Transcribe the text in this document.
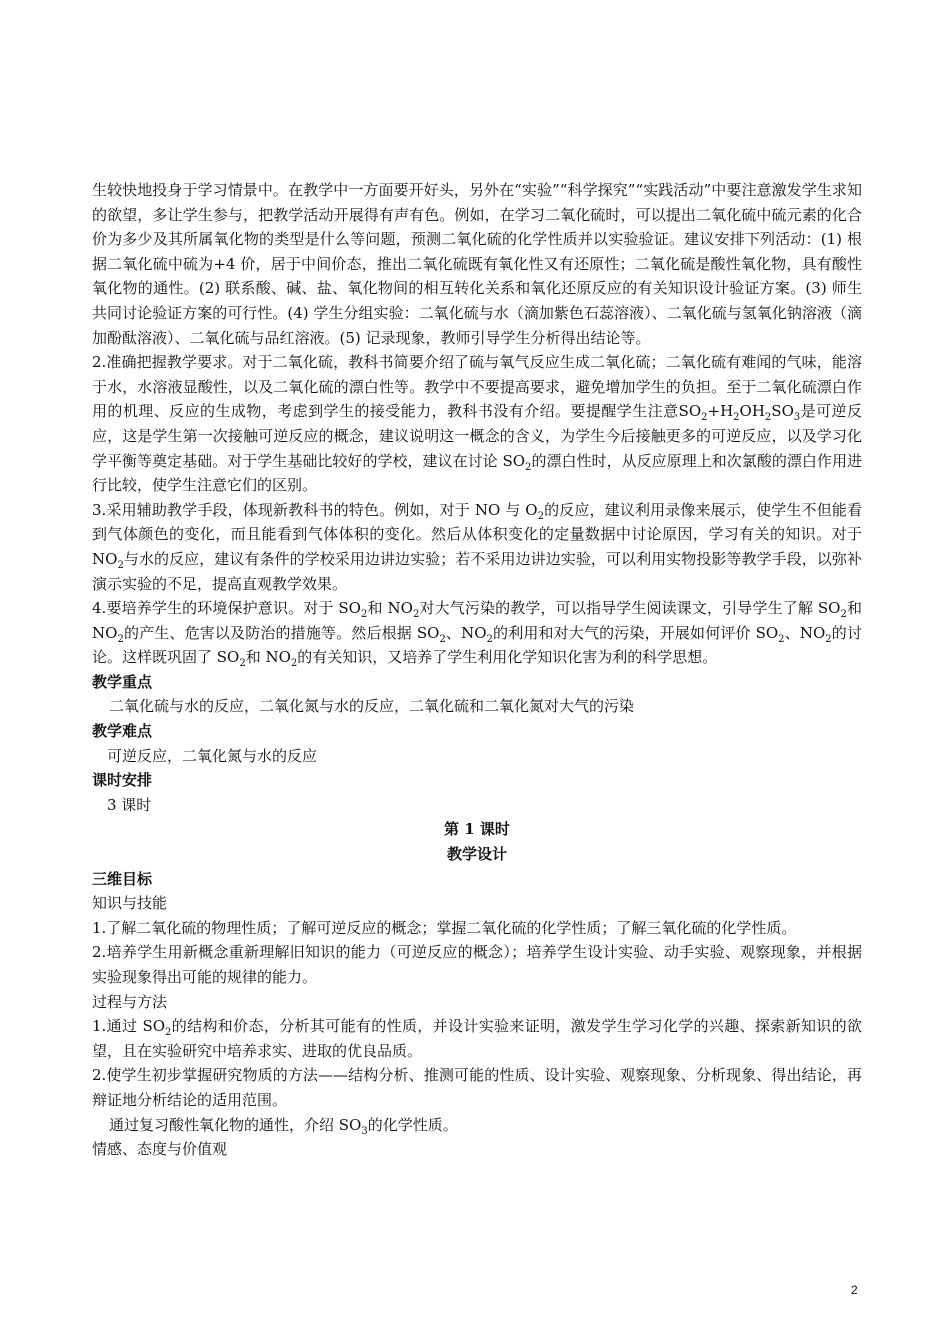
生较快地投身于学习情景中。在教学中一方面要开好头，另外在“实验”“科学探究”“实践活动”中要注意激发学生求知的欲望，多让学生参与，把教学活动开展得有声有色。例如，在学习二氧化硫时，可以提出二氧化硫中硫元素的化合价为多少及其所属氧化物的类型是什么等问题，预测二氧化硫的化学性质并以实验验证。建议安排下列活动：(1) 根据二氧化硫中硫为+4 价，居于中间价态，推出二氧化硫既有氧化性又有还原性；二氧化硫是酸性氧化物，具有酸性氧化物的通性。(2) 联系酸、碱、盐、氧化物间的相互转化关系和氧化还原反应的有关知识设计验证方案。(3) 师生共同讨论验证方案的可行性。(4) 学生分组实验：二氧化硫与水（滴加紫色石蕊溶液）、二氧化硫与氢氧化钠溶液（滴加酚酞溶液）、二氧化硫与品红溶液。(5) 记录现象，教师引导学生分析得出结论等。

2.准确把握教学要求。对于二氧化硫，教科书简要介绍了硫与氧气反应生成二氧化硫；二氧化硫有难闻的气味，能溶于水，水溶液显酸性，以及二氧化硫的漂白性等。教学中不要提高要求，避免增加学生的负担。至于二氧化硫漂白作用的机理、反应的生成物，考虑到学生的接受能力，教科书没有介绍。要提醒学生注意$SO_2+H_2OH_2SO_3$是可逆反应，这是学生第一次接触可逆反应的概念，建议说明这一概念的含义，为学生今后接触更多的可逆反应，以及学习化学平衡等奠定基础。对于学生基础比较好的学校，建议在讨论 $SO_2$的漂白性时，从反应原理上和次氯酸的漂白作用进行比较，使学生注意它们的区别。

3.采用辅助教学手段，体现新教科书的特色。例如，对于 NO 与 $O_2$的反应，建议利用录像来展示，使学生不但能看到气体颜色的变化，而且能看到气体体积的变化。然后从体积变化的定量数据中讨论原因，学习有关的知识。对于 $NO_2$与水的反应，建议有条件的学校采用边讲边实验；若不采用边讲边实验，可以利用实物投影等教学手段，以弥补演示实验的不足，提高直观教学效果。

4.要培养学生的环境保护意识。对于 $SO_2$和 $NO_2$对大气污染的教学，可以指导学生阅读课文，引导学生了解 $SO_2$和 $NO_2$的产生、危害以及防治的措施等。然后根据 $SO_2$、$NO_2$的利用和对大气的污染，开展如何评价 $SO_2$、$NO_2$的讨论。这样既巩固了 $SO_2$和 $NO_2$的有关知识，又培养了学生利用化学知识化害为利的科学思想。

教学重点

二氧化硫与水的反应，二氧化氮与水的反应，二氧化硫和二氧化氮对大气的污染

教学难点

可逆反应，二氧化氮与水的反应

课时安排

3 课时

第 1 课时

教学设计

三维目标

知识与技能

1.了解二氧化硫的物理性质；了解可逆反应的概念；掌握二氧化硫的化学性质；了解三氧化硫的化学性质。

2.培养学生用新概念重新理解旧知识的能力（可逆反应的概念）；培养学生设计实验、动手实验、观察现象，并根据实验现象得出可能的规律的能力。

过程与方法

1.通过 $SO_2$的结构和价态，分析其可能有的性质，并设计实验来证明，激发学生学习化学的兴趣、探索新知识的欲望，且在实验研究中培养求实、进取的优良品质。

2.使学生初步掌握研究物质的方法——结构分析、推测可能的性质、设计实验、观察现象、分析现象、得出结论，再辩证地分析结论的适用范围。

通过复习酸性氧化物的通性，介绍 $SO_3$的化学性质。

情感、态度与价值观

2
